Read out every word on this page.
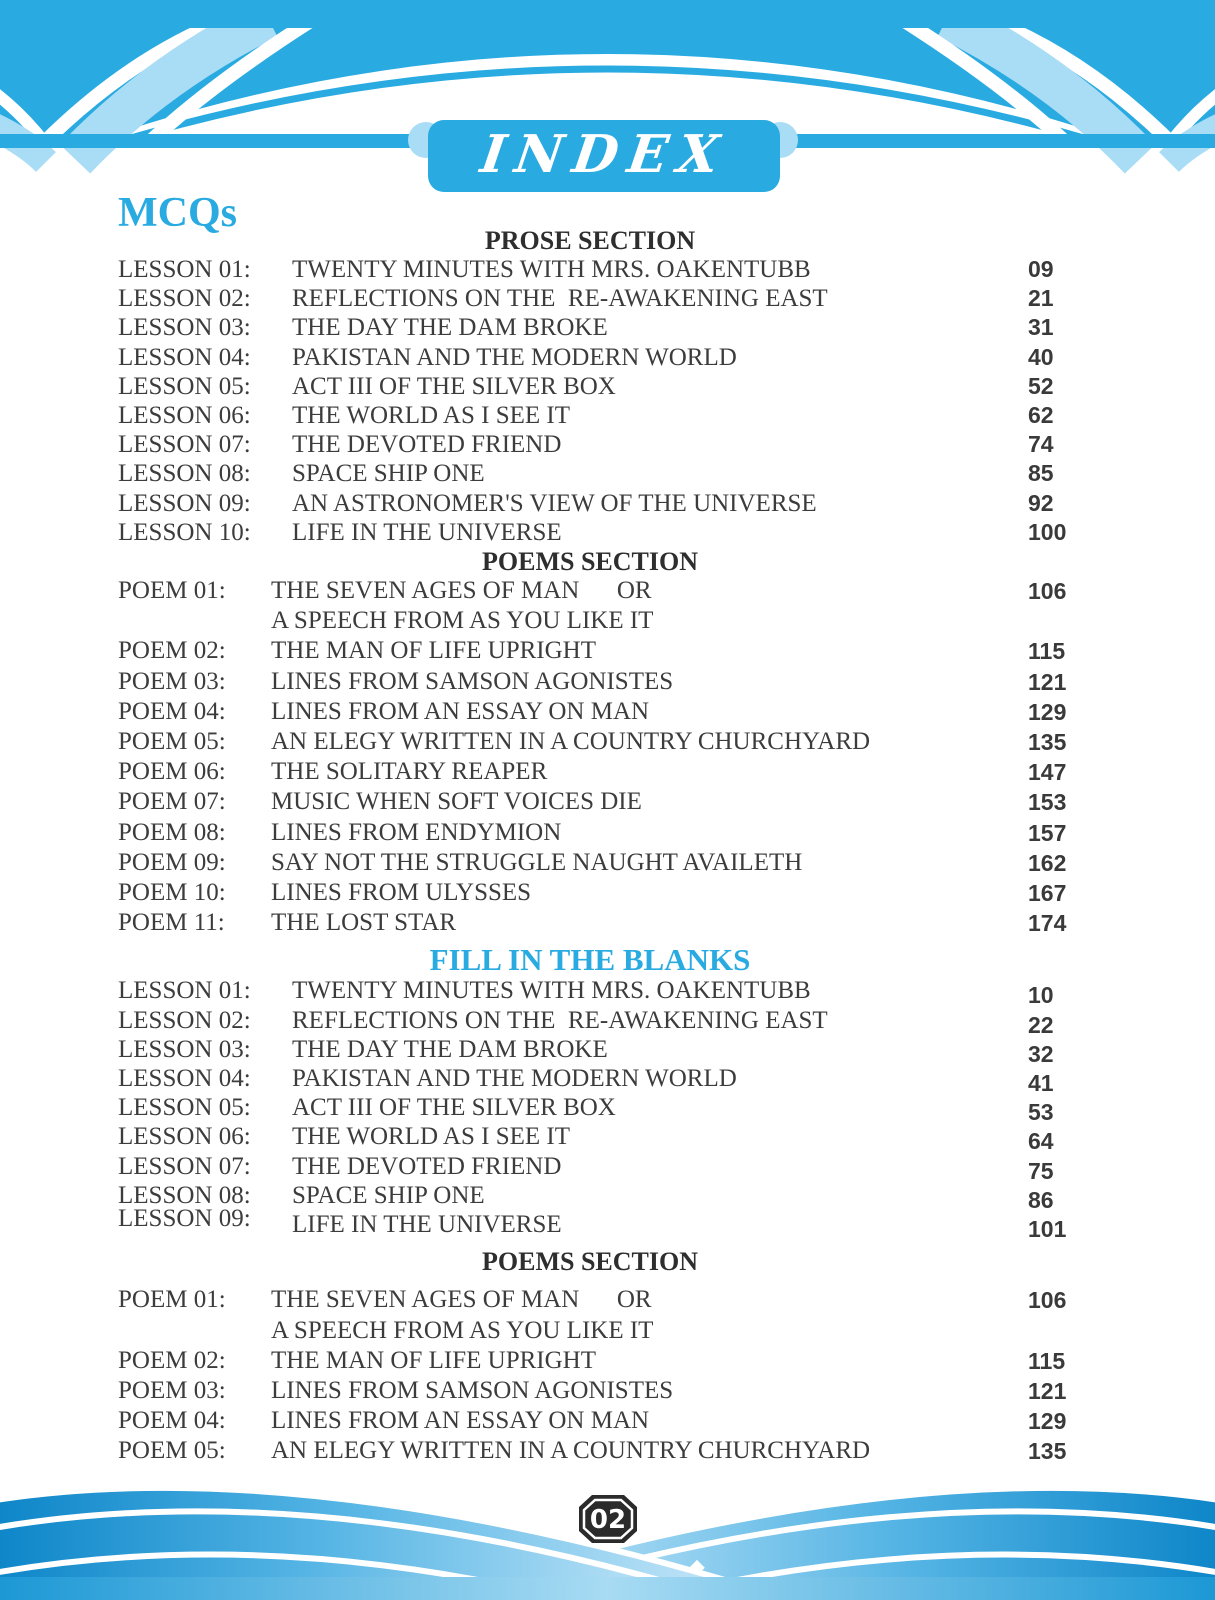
INDEX
MCQs
PROSE SECTION
LESSON 01:	TWENTY MINUTES WITH MRS. OAKENTUBB	09
LESSON 02:	REFLECTIONS ON THE  RE-AWAKENING EAST	21
LESSON 03:	THE DAY THE DAM BROKE	31
LESSON 04:	PAKISTAN AND THE MODERN WORLD	40
LESSON 05:	ACT III OF THE SILVER BOX	52
LESSON 06:	THE WORLD AS I SEE IT	62
LESSON 07:	THE DEVOTED FRIEND	74
LESSON 08:	SPACE SHIP ONE	85
LESSON 09:	AN ASTRONOMER'S VIEW OF THE UNIVERSE	92
LESSON 10:	LIFE IN THE UNIVERSE	100
POEMS SECTION
POEM 01:	THE SEVEN AGES OF MAN      OR	106
A SPEECH FROM AS YOU LIKE IT
POEM 02:	THE MAN OF LIFE UPRIGHT	115
POEM 03:	LINES FROM SAMSON AGONISTES	121
POEM 04:	LINES FROM AN ESSAY ON MAN	129
POEM 05:	AN ELEGY WRITTEN IN A COUNTRY CHURCHYARD	135
POEM 06:	THE SOLITARY REAPER	147
POEM 07:	MUSIC WHEN SOFT VOICES DIE	153
POEM 08:	LINES FROM ENDYMION	157
POEM 09:	SAY NOT THE STRUGGLE NAUGHT AVAILETH	162
POEM 10:	LINES FROM ULYSSES	167
POEM 11:	THE LOST STAR	174
FILL IN THE BLANKS
LESSON 01:	TWENTY MINUTES WITH MRS. OAKENTUBB	10
LESSON 02:	REFLECTIONS ON THE  RE-AWAKENING EAST	22
LESSON 03:	THE DAY THE DAM BROKE	32
LESSON 04:	PAKISTAN AND THE MODERN WORLD	41
LESSON 05:	ACT III OF THE SILVER BOX	53
LESSON 06:	THE WORLD AS I SEE IT	64
LESSON 07:	THE DEVOTED FRIEND	75
LESSON 08:	SPACE SHIP ONE	86
LESSON 09:	LIFE IN THE UNIVERSE	101
POEMS SECTION
POEM 01:	THE SEVEN AGES OF MAN      OR	106
A SPEECH FROM AS YOU LIKE IT
POEM 02:	THE MAN OF LIFE UPRIGHT	115
POEM 03:	LINES FROM SAMSON AGONISTES	121
POEM 04:	LINES FROM AN ESSAY ON MAN	129
POEM 05:	AN ELEGY WRITTEN IN A COUNTRY CHURCHYARD	135
02
